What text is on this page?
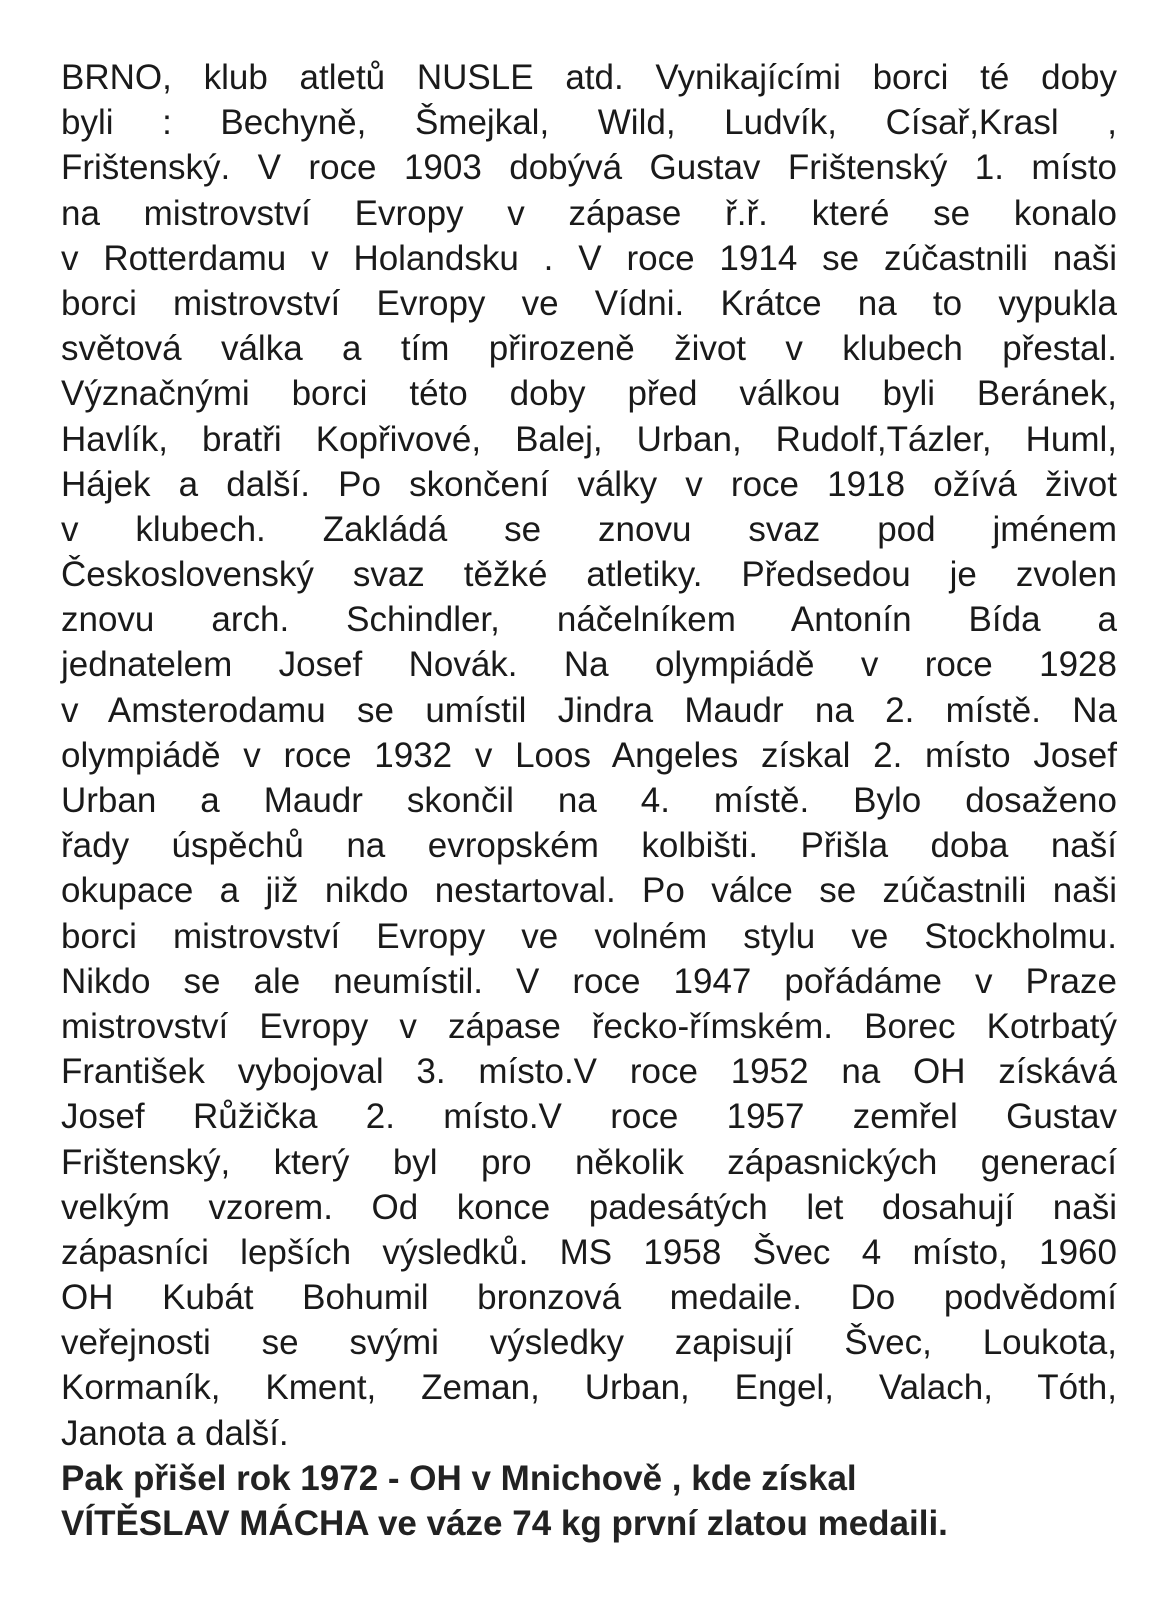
BRNO, klub atletů NUSLE atd. Vynikajícími borci té doby
byli : Bechyně, Šmejkal, Wild, Ludvík, Císař,Krasl ,
Frištenský. V roce 1903 dobývá Gustav Frištenský 1. místo
na mistrovství Evropy v zápase ř.ř. které se konalo
v Rotterdamu v Holandsku . V roce 1914 se zúčastnili naši
borci mistrovství Evropy ve Vídni. Krátce na to vypukla
světová válka a tím přirozeně život v klubech přestal.
Význačnými borci této doby před válkou byli Beránek,
Havlík, bratři Kopřivové, Balej, Urban, Rudolf,Tázler, Huml,
Hájek a další. Po skončení války v roce 1918 ožívá život
v klubech. Zakládá se znovu svaz pod jménem
Československý svaz těžké atletiky. Předsedou je zvolen
znovu arch. Schindler, náčelníkem Antonín Bída a
jednatelem Josef Novák. Na olympiádě v roce 1928
v Amsterodamu se umístil Jindra Maudr na 2. místě. Na
olympiádě v roce 1932 v Loos Angeles získal 2. místo Josef
Urban a Maudr skončil na 4. místě. Bylo dosaženo
řady úspěchů na evropském kolbišti. Přišla doba naší
okupace a již nikdo nestartoval. Po válce se zúčastnili naši
borci mistrovství Evropy ve volném stylu ve Stockholmu.
Nikdo se ale neumístil. V roce 1947 pořádáme v Praze
mistrovství Evropy v zápase řecko-římském. Borec Kotrbatý
František vybojoval 3. místo.V roce 1952 na OH získává
Josef Růžička 2. místo.V roce 1957 zemřel Gustav
Frištenský, který byl pro několik zápasnických generací
velkým vzorem. Od konce padesátých let dosahují naši
zápasníci lepších výsledků. MS 1958 Švec 4 místo, 1960
OH Kubát Bohumil bronzová medaile. Do podvědomí
veřejnosti se svými výsledky zapisují Švec, Loukota,
Kormaník, Kment, Zeman, Urban, Engel, Valach, Tóth,
Janota a další.
Pak přišel rok 1972 - OH v Mnichově , kde získal
VÍTĚSLAV MÁCHA ve váze 74 kg první zlatou medaili.
